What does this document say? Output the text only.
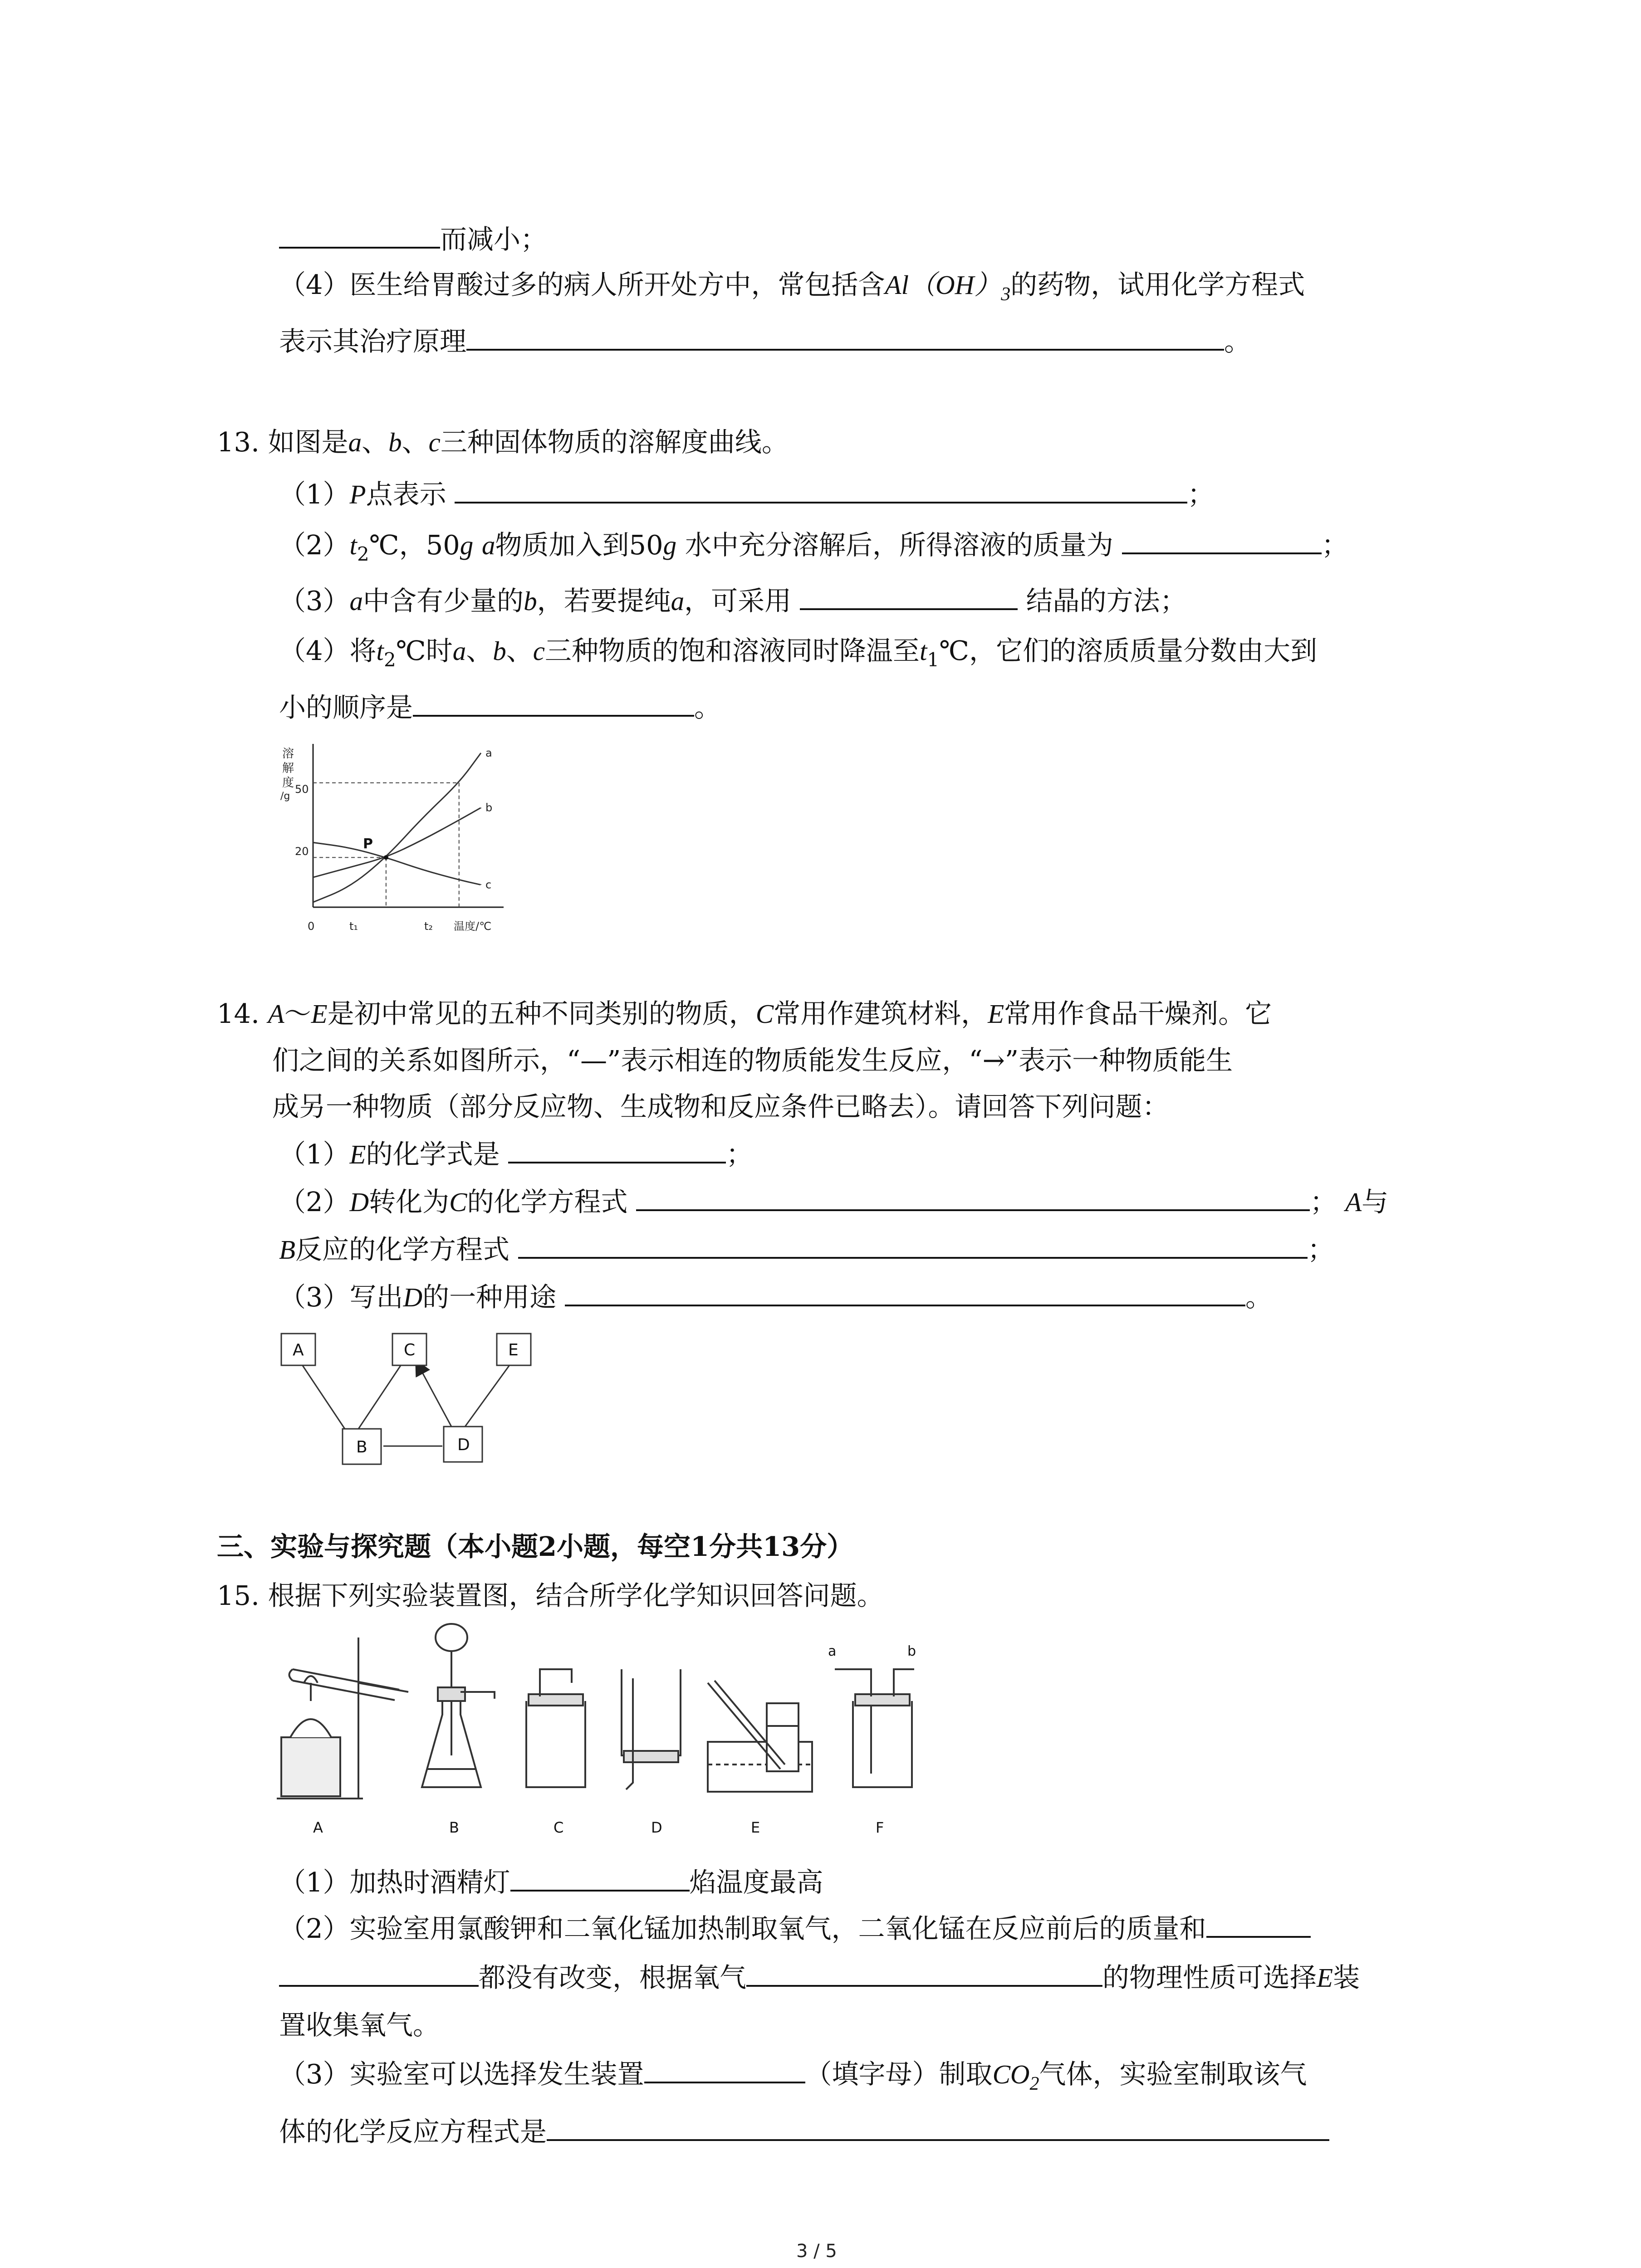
而减小；
（4）医生给胃酸过多的病人所开处方中，常包括含$Al(OH)_3$的药物，试用化学方程式
表示其治疗原理	。
13. 如图是a、b、c三种固体物质的溶解度曲线。
（1）P点表示	；
$(2)t_2℃$，50g a物质加入到50g 水中充分溶解后，所得溶液的质量为	；
（3）a中含有少量的b，若要提纯a，可采用	结晶的方法；
（4）将$t_2℃$时a、b、c三种物质的饱和溶液同时降温至$t_1℃$，它们的溶质质量分数由大到
小的顺序是	。
溶
解
度
/g
50
20
0	t₁	t₂ 温度/℃
a
b
c
P
14. A～E是初中常见的五种不同类别的物质，C常用作建筑材料，E常用作食品干燥剂。它
们之间的关系如图所示，“—”表示相连的物质能发生反应，“→”表示一种物质能生
成另一种物质（部分反应物、生成物和反应条件已略去）。请回答下列问题：
（1）E的化学式是	；
（2）D转化为C的化学方程式	； A与
B反应的化学方程式	；
（3）写出D的一种用途	。
A	C	E
B	D
三、实验与探究题（本小题2小题，每空1分共13分）
15. 根据下列实验装置图，结合所学化学知识回答问题。
a	b
A	B	C	D	E	F
（1）加热时酒精灯	焰温度最高
（2）实验室用氯酸钾和二氧化锰加热制取氧气，二氧化锰在反应前后的质量和
都没有改变，根据氧气	的物理性质可选择E装
置收集氧气。
（3）实验室可以选择发生装置	（填字母）制取$CO_2$气体，实验室制取该气
体的化学反应方程式是
3 / 5
